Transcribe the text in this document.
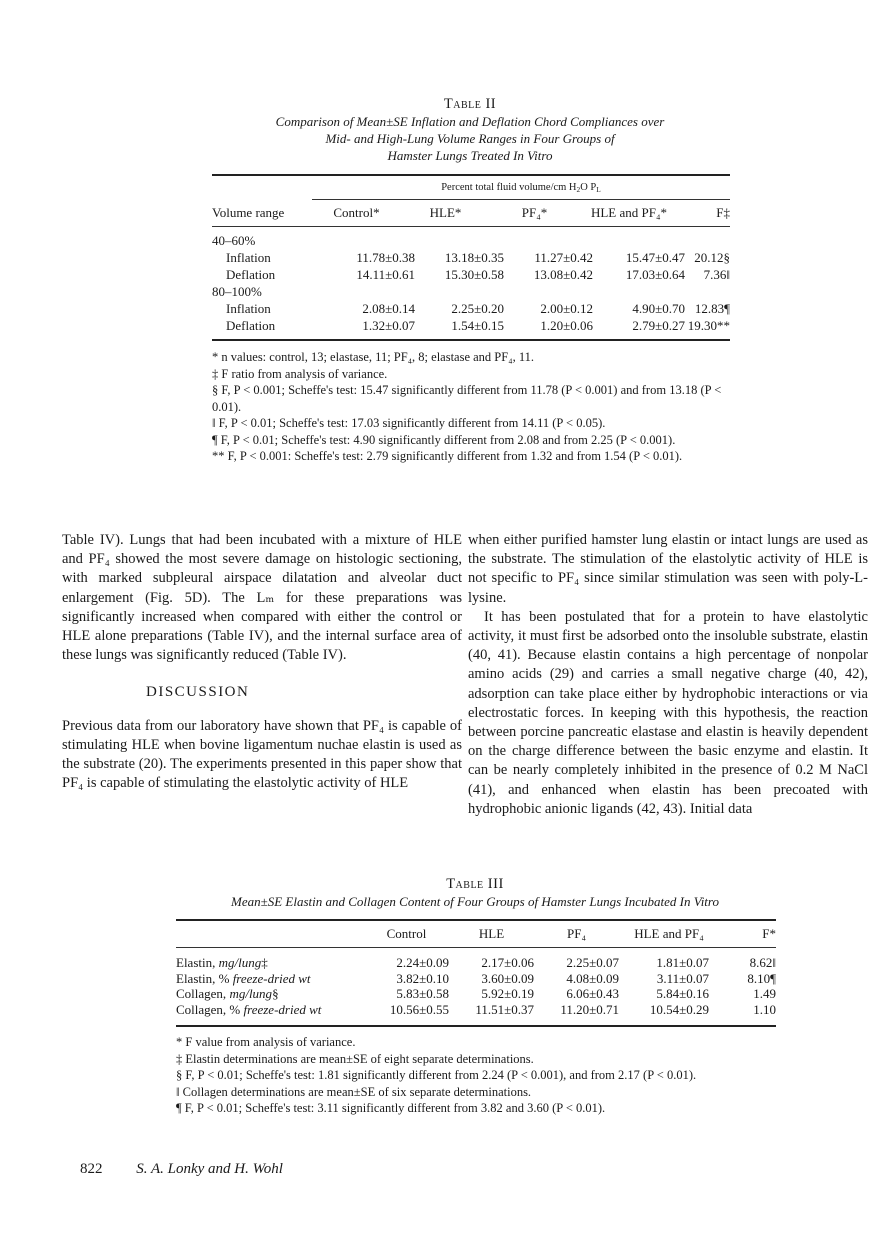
Table II
Comparison of Mean±SE Inflation and Deflation Chord Compliances over
Mid- and High-Lung Volume Ranges in Four Groups of
Hamster Lungs Treated In Vitro
Percent total fluid volume/cm $H_2O$ $P_L$
Volume range	Control*	HLE*	PF₄*	HLE and PF₄*	F‡
40–60%
Inflation	11.78±0.38	13.18±0.35	11.27±0.42	15.47±0.47 20.12§
Deflation	14.11±0.61	15.30±0.58	13.08±0.42	17.03±0.64	7.36ǁ
80–100%
Inflation	2.08±0.14	2.25±0.20	2.00±0.12	4.90±0.70 12.83¶
Deflation	1.32±0.07	1.54±0.15	1.20±0.06	2.79±0.27 19.30**
* n values: control, 13; elastase, 11; PF₄, 8; elastase and PF₄, 11.
‡ F ratio from analysis of variance.
§ F, P < 0.001; Scheffe's test: 15.47 significantly different from 11.78 (P < 0.001) and from 13.18 (P < 0.01).
ǁ F, P < 0.01; Scheffe's test: 17.03 significantly different from 14.11 (P < 0.05).
¶ F, P < 0.01; Scheffe's test: 4.90 significantly different from 2.08 and from 2.25 (P < 0.001).
** F, P < 0.001: Scheffe's test: 2.79 significantly different from 1.32 and from 1.54 (P < 0.01).
Table IV). Lungs that had been incubated with a mixture of HLE and PF₄ showed the most severe damage on histologic sectioning, with marked subpleural airspace dilatation and alveolar duct enlargement (Fig. 5D). The Lₘ for these preparations was significantly increased when compared with either the control or HLE alone preparations (Table IV), and the internal surface area of these lungs was significantly reduced (Table IV).
DISCUSSION
Previous data from our laboratory have shown that PF₄ is capable of stimulating HLE when bovine ligamentum nuchae elastin is used as the substrate (20). The experiments presented in this paper show that PF₄ is capable of stimulating the elastolytic activity of HLE
when either purified hamster lung elastin or intact lungs are used as the substrate. The stimulation of the elastolytic activity of HLE is not specific to PF₄ since similar stimulation was seen with poly-L-lysine.
It has been postulated that for a protein to have elastolytic activity, it must first be adsorbed onto the insoluble substrate, elastin (40, 41). Because elastin contains a high percentage of nonpolar amino acids (29) and carries a small negative charge (40, 42), adsorption can take place either by hydrophobic interactions or via electrostatic forces. In keeping with this hypothesis, the reaction between porcine pancreatic elastase and elastin is heavily dependent on the charge difference between the basic enzyme and elastin. It can be nearly completely inhibited in the presence of 0.2 M NaCl (41), and enhanced when elastin has been precoated with hydrophobic anionic ligands (42, 43). Initial data
Table III
Mean±SE Elastin and Collagen Content of Four Groups of Hamster Lungs Incubated In Vitro
Control	HLE	PF₄	HLE and PF₄	F*
Elastin, mg/lung‡	2.24±0.09	2.17±0.06	2.25±0.07	1.81±0.07	8.62ǁ
Elastin, % freeze-dried wt	3.82±0.10	3.60±0.09	4.08±0.09	3.11±0.07	8.10¶
Collagen, mg/lung§	5.83±0.58	5.92±0.19	6.06±0.43	5.84±0.16	1.49
Collagen, % freeze-dried wt	10.56±0.55	11.51±0.37	11.20±0.71	10.54±0.29	1.10
* F value from analysis of variance.
‡ Elastin determinations are mean±SE of eight separate determinations.
§ F, P < 0.01; Scheffe's test: 1.81 significantly different from 2.24 (P < 0.001), and from 2.17 (P < 0.01).
ǁ Collagen determinations are mean±SE of six separate determinations.
¶ F, P < 0.01; Scheffe's test: 3.11 significantly different from 3.82 and 3.60 (P < 0.01).
822 S. A. Lonky and H. Wohl
